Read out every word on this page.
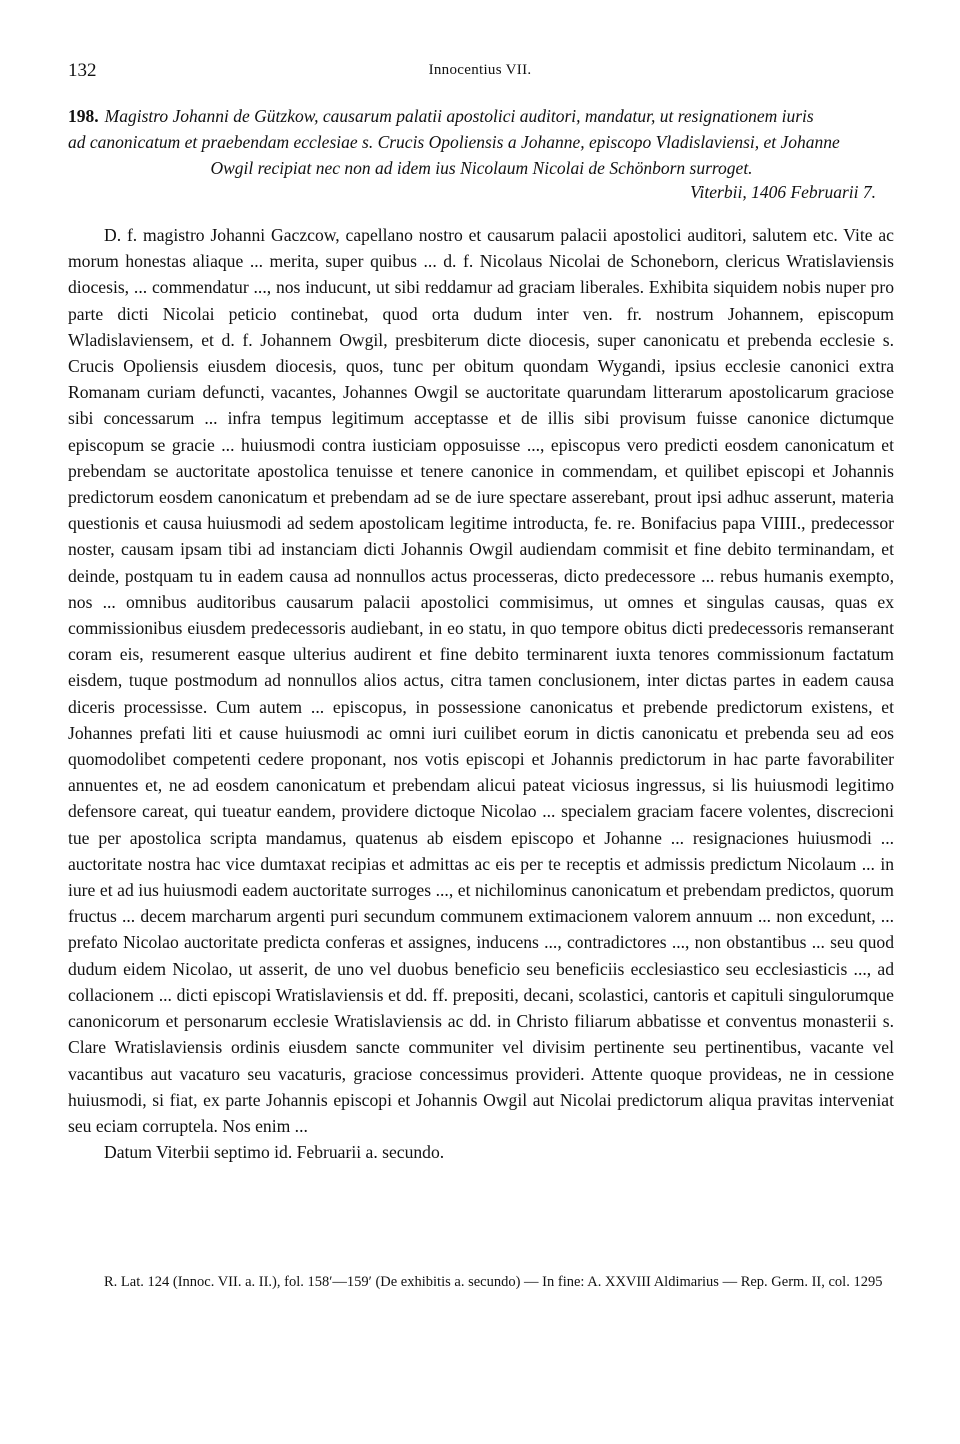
132	Innocentius VII.
198. Magistro Johanni de Gützkow, causarum palatii apostolici auditori, mandatur, ut resignationem iuris
ad canonicatum et praebendam ecclesiae s. Crucis Opoliensis a Johanne, episcopo Vladislaviensi, et Johanne
Owgil recipiat nec non ad idem ius Nicolaum Nicolai de Schönborn surroget.
Viterbii, 1406 Februarii 7.

D. f. magistro Johanni Gaczcow, capellano nostro et causarum palacii apostolici auditori, salutem etc. Vite ac morum honestas aliaque ... merita, super quibus ... d. f. Nicolaus Nicolai de Schoneborn, clericus Wratislaviensis diocesis, ... commendatur ..., nos inducunt, ut sibi reddamur ad graciam liberales. Exhibita siquidem nobis nuper pro parte dicti Nicolai peticio continebat, quod orta dudum inter ven. fr. nostrum Johannem, episcopum Wladislaviensem, et d. f. Johannem Owgil, presbiterum dicte diocesis, super canonicatu et prebenda ecclesie s. Crucis Opoliensis eiusdem diocesis, quos, tunc per obitum quondam Wygandi, ipsius ecclesie canonici extra Romanam curiam defuncti, vacantes, Johannes Owgil se auctoritate quarundam litterarum apostolicarum graciose sibi concessarum ... infra tempus legitimum acceptasse et de illis sibi provisum fuisse canonice dictumque episcopum se gracie ... huiusmodi contra iusticiam opposuisse ..., episcopus vero predicti eosdem canonicatum et prebendam se auctoritate apostolica tenuisse et tenere canonice in commendam, et quilibet episcopi et Johannis predictorum eosdem canonicatum et prebendam ad se de iure spectare asserebant, prout ipsi adhuc asserunt, materia questionis et causa huiusmodi ad sedem apostolicam legitime introducta, fe. re. Bonifacius papa VIIII., predecessor noster, causam ipsam tibi ad instanciam dicti Johannis Owgil audiendam commisit et fine debito terminandam, et deinde, postquam tu in eadem causa ad nonnullos actus processeras, dicto predecessore ... rebus humanis exempto, nos ... omnibus auditoribus causarum palacii apostolici commisimus, ut omnes et singulas causas, quas ex commissionibus eiusdem predecessoris audiebant, in eo statu, in quo tempore obitus dicti predecessoris remanserant coram eis, resumerent easque ulterius audirent et fine debito terminarent iuxta tenores commissionum factatum eisdem, tuque postmodum ad nonnullos alios actus, citra tamen conclusionem, inter dictas partes in eadem causa diceris processisse. Cum autem ... episcopus, in possessione canonicatus et prebende predictorum existens, et Johannes prefati liti et cause huiusmodi ac omni iuri cuilibet eorum in dictis canonicatu et prebenda seu ad eos quomodolibet competenti cedere proponant, nos votis episcopi et Johannis predictorum in hac parte favorabiliter annuentes et, ne ad eosdem canonicatum et prebendam alicui pateat viciosus ingressus, si lis huiusmodi legitimo defensore careat, qui tueatur eandem, providere dictoque Nicolao ... specialem graciam facere volentes, discrecioni tue per apostolica scripta mandamus, quatenus ab eisdem episcopo et Johanne ... resignaciones huiusmodi ... auctoritate nostra hac vice dumtaxat recipias et admittas ac eis per te receptis et admissis predictum Nicolaum ... in iure et ad ius huiusmodi eadem auctoritate surroges ..., et nichilominus canonicatum et prebendam predictos, quorum fructus ... decem marcharum argenti puri secundum communem extimacionem valorem annuum ... non excedunt, ... prefato Nicolao auctoritate predicta conferas et assignes, inducens ..., contradictores ..., non obstantibus ... seu quod dudum eidem Nicolao, ut asserit, de uno vel duobus beneficio seu beneficiis ecclesiastico seu ecclesiasticis ..., ad collacionem ... dicti episcopi Wratislaviensis et dd. ff. prepositi, decani, scolastici, cantoris et capituli singulorumque canonicorum et personarum ecclesie Wratislaviensis ac dd. in Christo filiarum abbatisse et conventus monasterii s. Clare Wratislaviensis ordinis eiusdem sancte communiter vel divisim pertinente seu pertinentibus, vacante vel vacantibus aut vacaturo seu vacaturis, graciose concessimus provideri. Attente quoque provideas, ne in cessione huiusmodi, si fiat, ex parte Johannis episcopi et Johannis Owgil aut Nicolai predictorum aliqua pravitas interveniat seu eciam corruptela. Nos enim ...

Datum Viterbii septimo id. Februarii a. secundo.

R. Lat. 124 (Innoc. VII. a. II.), fol. 158′—159′ (De exhibitis a. secundo) — In fine: A. XXVIII Aldimarius — Rep. Germ. II, col. 1295
